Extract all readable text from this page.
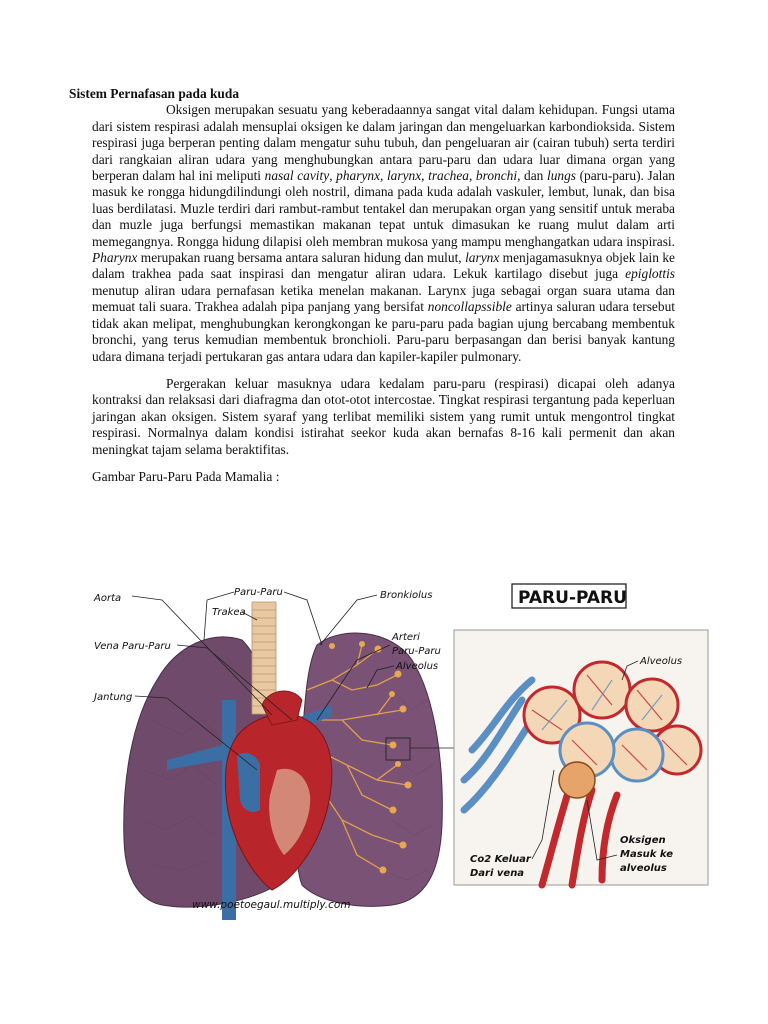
Sistem Pernafasan pada kuda

Oksigen merupakan sesuatu yang keberadaannya sangat vital dalam kehidupan. Fungsi utama dari sistem respirasi adalah mensuplai oksigen ke dalam jaringan dan mengeluarkan karbondioksida. Sistem respirasi juga berperan penting dalam mengatur suhu tubuh, dan pengeluaran air (cairan tubuh) serta terdiri dari rangkaian aliran udara yang menghubungkan antara paru-paru dan udara luar dimana organ yang berperan dalam hal ini meliputi nasal cavity, pharynx, larynx, trachea, bronchi, dan lungs (paru-paru). Jalan masuk ke rongga hidungdilindungi oleh nostril, dimana pada kuda adalah vaskuler, lembut, lunak, dan bisa luas berdilatasi. Muzle terdiri dari rambut-rambut tentakel dan merupakan organ yang sensitif untuk meraba dan muzle juga berfungsi memastikan makanan tepat untuk dimasukan ke ruang mulut dalam arti memegangnya. Rongga hidung dilapisi oleh membran mukosa yang mampu menghangatkan udara inspirasi. Pharynx merupakan ruang bersama antara saluran hidung dan mulut, larynx menjagamasuknya objek lain ke dalam trakhea pada saat inspirasi dan mengatur aliran udara. Lekuk kartilago disebut juga epiglottis menutup aliran udara pernafasan ketika menelan makanan. Larynx juga sebagai organ suara utama dan memuat tali suara. Trakhea adalah pipa panjang yang bersifat noncollapssible artinya saluran udara tersebut tidak akan melipat, menghubungkan kerongkongan ke paru-paru pada bagian ujung bercabang membentuk bronchi, yang terus kemudian membentuk bronchioli. Paru-paru berpasangan dan berisi banyak kantung udara dimana terjadi pertukaran gas antara udara dan kapiler-kapiler pulmonary.

Pergerakan keluar masuknya udara kedalam paru-paru (respirasi) dicapai oleh adanya kontraksi dan relaksasi dari diafragma dan otot-otot intercostae. Tingkat respirasi tergantung pada keperluan jaringan akan oksigen. Sistem syaraf yang terlibat memiliki sistem yang rumit untuk mengontrol tingkat respirasi. Normalnya dalam kondisi istirahat seekor kuda akan bernafas 8-16 kali permenit dan akan meningkat tajam selama beraktifitas.

Gambar Paru-Paru Pada Mamalia :

Aorta
Paru-Paru
Trakea
Vena Paru-Paru
Jantung
Bronkiolus
Arteri
Paru-Paru
Alveolus
PARU-PARU
Alveolus
Oksigen
Masuk ke
alveolus
Co2 Keluar
Dari vena
www.poetoegaul.multiply.com
